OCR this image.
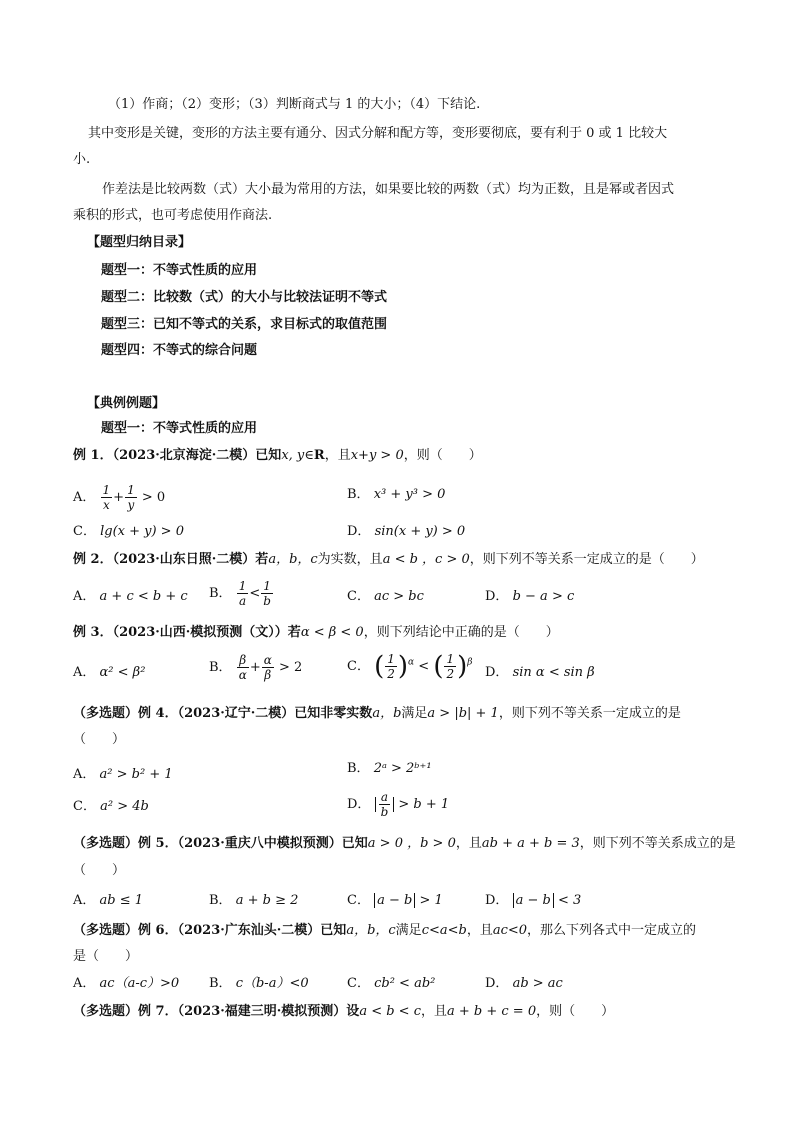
（1）作商；（2）变形；（3）判断商式与 1 的大小；（4）下结论.
其中变形是关键，变形的方法主要有通分、因式分解和配方等，变形要彻底，要有利于 0 或 1 比较大
小.
作差法是比较两数（式）大小最为常用的方法，如果要比较的两数（式）均为正数，且是幂或者因式
乘积的形式，也可考虑使用作商法.
【题型归纳目录】
题型一：不等式性质的应用
题型二：比较数（式）的大小与比较法证明不等式
题型三：已知不等式的关系，求目标式的取值范围
题型四：不等式的综合问题
【典例例题】
题型一：不等式性质的应用
例 1．（2023·北京海淀·二模）已知x, y∈R，且x+y > 0，则（　　）
A． $\frac{1}{x} + \frac{1}{y} > 0$	B． x³ + y³ > 0
C． lg(x + y) > 0	D． sin(x + y) > 0
例 2．（2023·山东日照·二模）若a，b，c为实数，且a < b ，c > 0，则下列不等关系一定成立的是（　　）
A． a + c < b + c B． $\frac{1}{a} < \frac{1}{b}$	C． ac > bc	D． b − a > c
例 3．（2023·山西·模拟预测（文））若α < β < 0，则下列结论中正确的是（　　）
A． α² < β²	B． $\frac{\beta}{\alpha} + \frac{\alpha}{\beta} > 2$	C． ( $\frac{1}{2} )^\alpha$ < ( $\frac{1}{2} )^\beta$
D． sin α < sin β
（多选题）例 4．（2023·辽宁·二模）已知非零实数a，b满足a > |b| + 1，则下列不等关系一定成立的是
（　　）
A． a² > b² + 1	B． 2ᵃ > 2ᵇ⁺¹
C． a² > 4b	D． $\frac{a}{b} > b + 1$
（多选题）例 5．（2023·重庆八中模拟预测）已知a > 0 ，b > 0，且ab + a + b = 3，则下列不等关系成立的是
（　　）
A． ab ≤ 1	B． a + b ≥ 2	C． a − b > 1	D． a − b < 3
（多选题）例 6．（2023·广东汕头·二模）已知a，b，c满足c<a<b，且ac<0，那么下列各式中一定成立的
是（　　）
A． ac（a-c）>0 B． c（b-a）<0	C． cb² < ab²	D． ab > ac
（多选题）例 7．（2023·福建三明·模拟预测）设a < b < c，且a + b + c = 0，则（　　）
